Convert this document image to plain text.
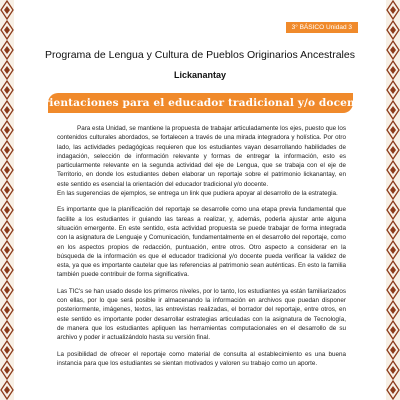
3° BÁSICO Unidad 3
Programa de Lengua y Cultura de Pueblos Originarios Ancestrales
Lickanantay
Orientaciones para el educador tradicional y/o docente

Para esta Unidad, se mantiene la propuesta de trabajar articuladamente los ejes, puesto que los contenidos culturales abordados, se fortalecen a través de una mirada integradora y holística. Por otro lado, las actividades pedagógicas requieren que los estudiantes vayan desarrollando habilidades de indagación, selección de información relevante y formas de entregar la información, esto es particularmente relevante en la segunda actividad del eje de Lengua, que se trabaja con el eje de Territorio, en donde los estudiantes deben elaborar un reportaje sobre el patrimonio lickanantay, en este sentido es esencial la orientación del educador tradicional y/o docente.

En las sugerencias de ejemplos, se entrega un link que pudiera apoyar al desarrollo de la estrategia.

Es importante que la planificación del reportaje se desarrolle como una etapa previa fundamental que facilite a los estudiantes ir guiando las tareas a realizar, y, además, poderla ajustar ante alguna situación emergente. En este sentido, esta actividad propuesta se puede trabajar de forma integrada con la asignatura de Lenguaje y Comunicación, fundamentalmente en el desarrollo del reportaje, como en los aspectos propios de redacción, puntuación, entre otros. Otro aspecto a considerar en la búsqueda de la información es que el educador tradicional y/o docente pueda verificar la validez de esta, ya que es importante cautelar que las referencias al patrimonio sean auténticas. En esto la familia también puede contribuir de forma significativa.

Las TIC's se han usado desde los primeros niveles, por lo tanto, los estudiantes ya están familiarizados con ellas, por lo que será posible ir almacenando la información en archivos que puedan disponer posteriormente, imágenes, textos, las entrevistas realizadas, el borrador del reportaje, entre otros, en este sentido es importante poder desarrollar estrategias articuladas con la asignatura de Tecnología, de manera que los estudiantes apliquen las herramientas computacionales en el desarrollo de su archivo y poder ir actualizándolo hasta su versión final.

La posibilidad de ofrecer el reportaje como material de consulta al establecimiento es una buena instancia para que los estudiantes se sientan motivados y valoren su trabajo como un aporte.
